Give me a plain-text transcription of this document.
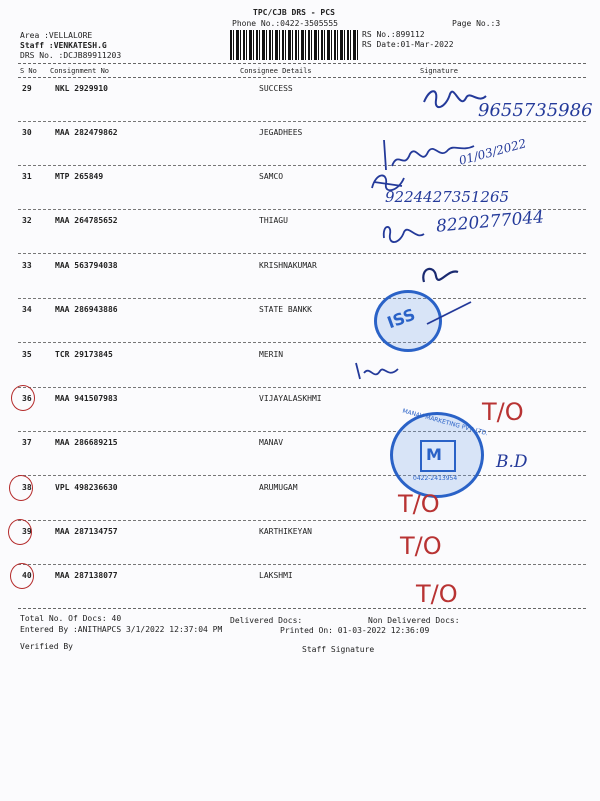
TPC/CJB DRS - PCS
Phone No.:0422-3505555	Page No.:3
Area :VELLALORE
Staff :VENKATESH.G
DRS No. :DCJB89911203
RS No.:899112
RS Date:01-Mar-2022
S No Consignment No	Consignee Details	Signature
29	NKL 2929910	SUCCESS
30	MAA 282479862	JEGADHEES
31	MTP 265849	SAMCO
32	MAA 264785652	THIAGU
33	MAA 563794038	KRISHNAKUMAR
34	MAA 286943886	STATE BANKK
35	TCR 29173845	MERIN
36	MAA 941507983	VIJAYALASKHMI
37	MAA 286689215	MANAV
38	VPL 498236630	ARUMUGAM
39	MAA 287134757	KARTHIKEYAN
40	MAA 287138077	LAKSHMI
9655735986
01/03/2022
9224427351265
8220277044
B.D
ISS
MANAV MARKETING PVT. LTD.
M
0422-2413954
T/O
T/O
T/O
T/O
Total No. Of Docs: 40	Delivered Docs:	Non Delivered Docs:
Entered By :ANITHAPCS 3/1/2022 12:37:04 PM	Printed On: 01-03-2022 12:36:09
Verified By	Staff Signature
